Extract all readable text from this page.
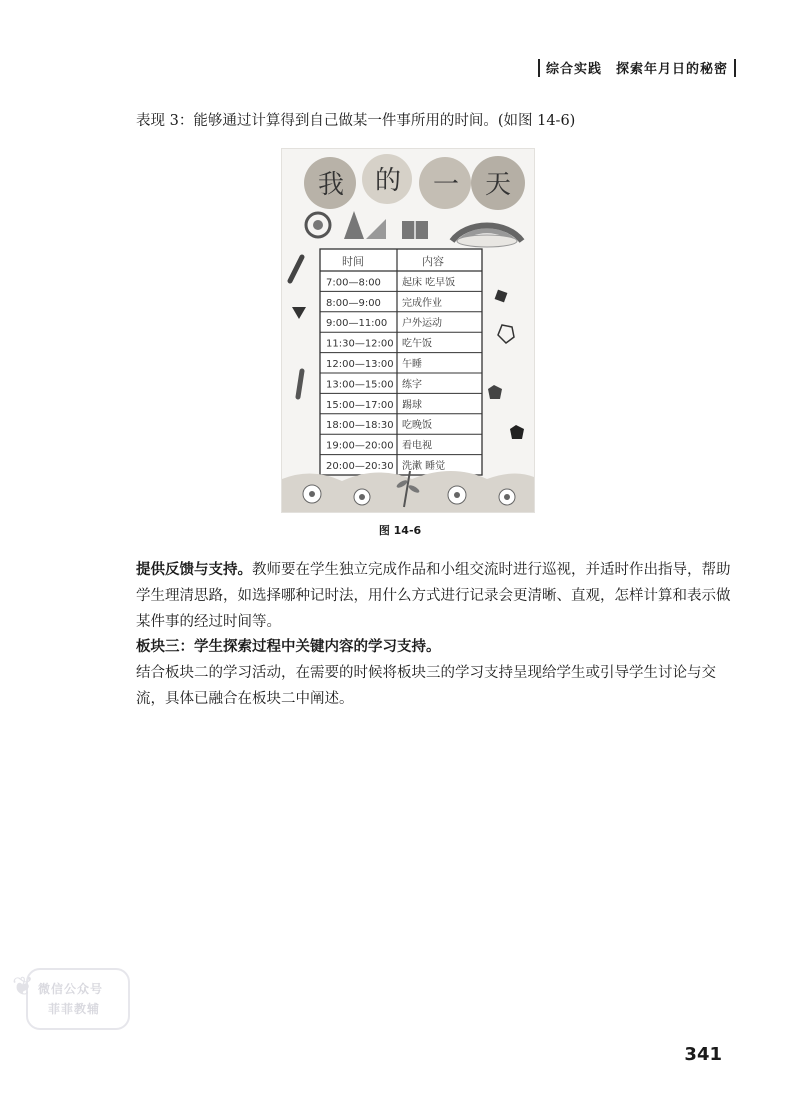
综合实践 探索年月日的秘密
表现 3：能够通过计算得到自己做某一件事所用的时间。(如图 14-6)
我 的 一 天
时间	内容
7:00—8:00 起床 吃早饭
8:00—9:00 完成作业
9:00—11:00 户外运动
11:30—12:00 吃午饭
12:00—13:00 午睡
13:00—15:00 练字
15:00—17:00 踢球
18:00—18:30 吃晚饭
19:00—20:00 看电视
20:00—20:30 洗漱 睡觉
图 14-6
提供反馈与支持。教师要在学生独立完成作品和小组交流时进行巡视，并适时作出指导，帮助学生理清思路，如选择哪种记时法，用什么方式进行记录会更清晰、直观，怎样计算和表示做某件事的经过时间等。
板块三：学生探索过程中关键内容的学习支持。
结合板块二的学习活动，在需要的时候将板块三的学习支持呈现给学生或引导学生讨论与交流，具体已融合在板块二中阐述。
❦ 微信公众号
菲菲教辅
341
